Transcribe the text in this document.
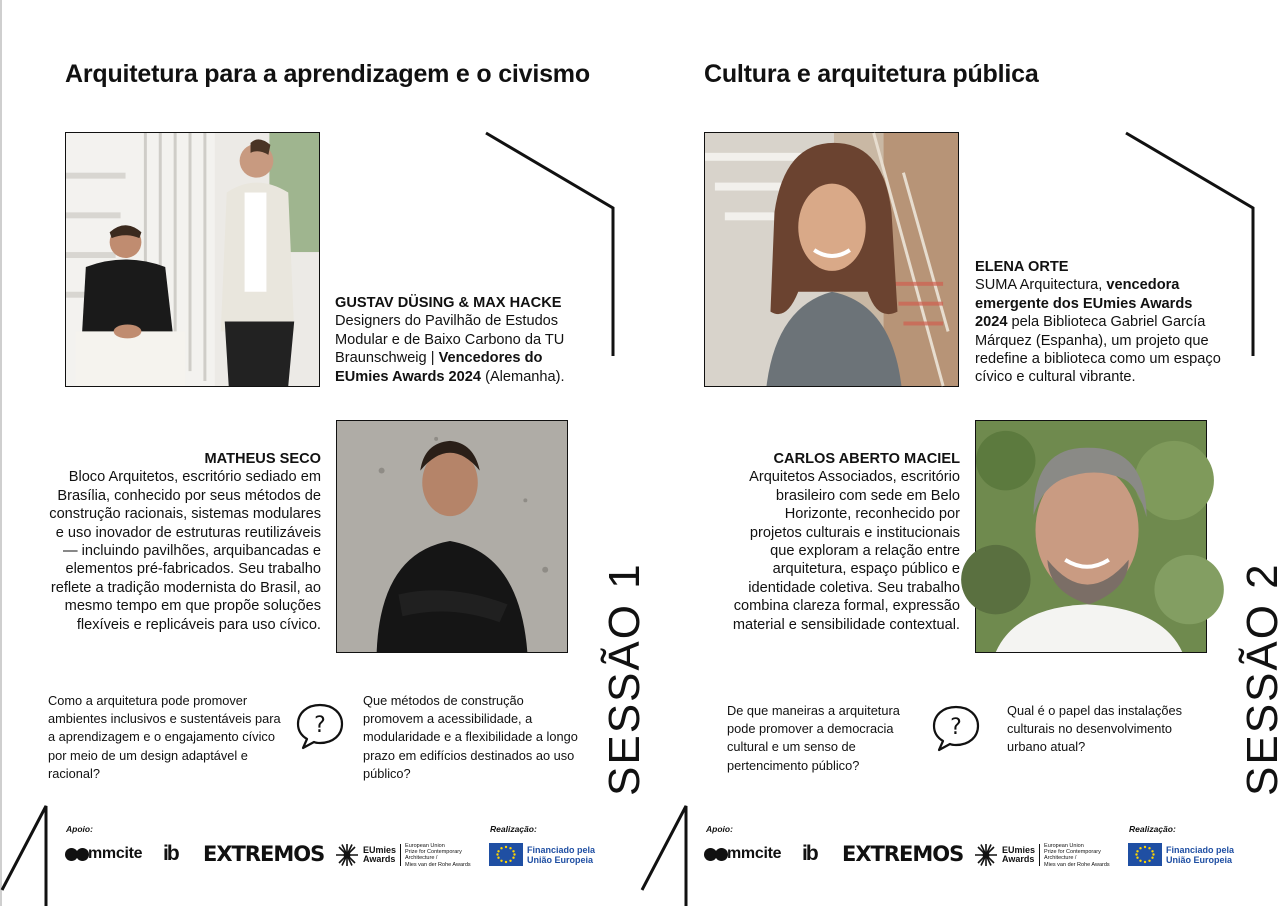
Arquitetura para a aprendizagem e o civismo
GUSTAV DÜSING & MAX HACKE
Designers do Pavilhão de Estudos Modular e de Baixo Carbono da TU Braunschweig | Vencedores do EUmies Awards 2024 (Alemanha).
MATHEUS SECO
Bloco Arquitetos, escritório sediado em Brasília, conhecido por seus métodos de construção racionais, sistemas modulares e uso inovador de estruturas reutilizáveis — incluindo pavilhões, arquibancadas e elementos pré-fabricados. Seu trabalho reflete a tradição modernista do Brasil, ao mesmo tempo em que propõe soluções flexíveis e replicáveis para uso cívico.
Como a arquitetura pode promover ambientes inclusivos e sustentáveis para a aprendizagem e o engajamento cívico por meio de um design adaptável e racional?
?
Que métodos de construção promovem a acessibilidade, a modularidade e a flexibilidade a longo prazo em edifícios destinados ao uso público?	SESSÃO 1
Apoio:	Realização:
mmcite ib EXTREMOS	EUmies
Awards
European Union
Prize for Contemporary
Architecture /
Mies van der Rohe Awards
Financiado pela
União Europeia
Cultura e arquitetura pública
ELENA ORTE
SUMA Arquitectura, vencedora emergente dos EUmies Awards 2024 pela Biblioteca Gabriel García Márquez (Espanha), um projeto que redefine a biblioteca como um espaço cívico e cultural vibrante.
CARLOS ABERTO MACIEL
Arquitetos Associados, escritório brasileiro com sede em Belo Horizonte, reconhecido por projetos culturais e institucionais que exploram a relação entre arquitetura, espaço público e identidade coletiva. Seu trabalho combina clareza formal, expressão material e sensibilidade contextual.
De que maneiras a arquitetura pode promover a democracia cultural e um senso de pertencimento público?
?
Qual é o papel das instalações culturais no desenvolvimento urbano atual?	SESSÃO 2
Apoio:	Realização:
mmcite ib EXTREMOS	EUmies
Awards
European Union
Prize for Contemporary
Architecture /
Mies van der Rohe Awards
Financiado pela
União Europeia
